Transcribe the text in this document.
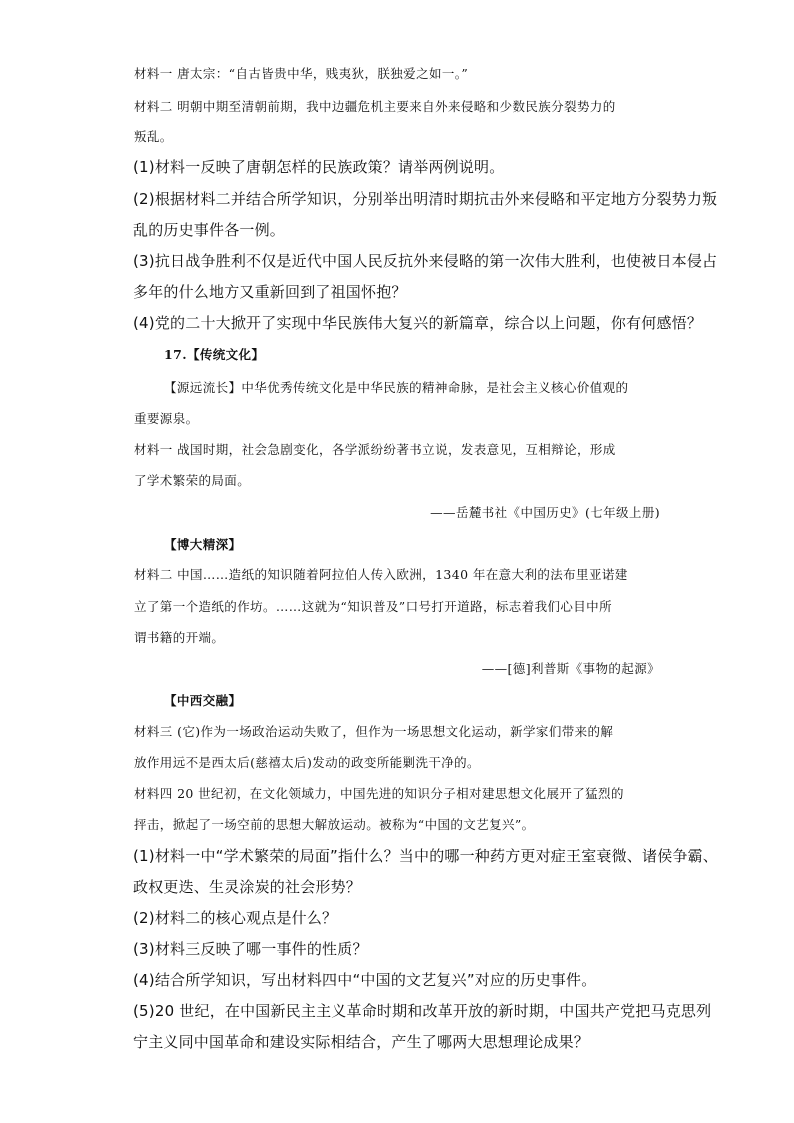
材料一 唐太宗：“自古皆贵中华，贱夷狄，朕独爱之如一。”
材料二 明朝中期至清朝前期，我中边疆危机主要来自外来侵略和少数民族分裂势力的
叛乱。
(1)材料一反映了唐朝怎样的民族政策？请举两例说明。
(2)根据材料二并结合所学知识，分别举出明清时期抗击外来侵略和平定地方分裂势力叛
乱的历史事件各一例。
(3)抗日战争胜利不仅是近代中国人民反抗外来侵略的第一次伟大胜利，也使被日本侵占
多年的什么地方又重新回到了祖国怀抱？
(4)党的二十大掀开了实现中华民族伟大复兴的新篇章，综合以上问题，你有何感悟？
17.【传统文化】
【源远流长】中华优秀传统文化是中华民族的精神命脉，是社会主义核心价值观的
重要源泉。
材料一 战国时期，社会急剧变化，各学派纷纷著书立说，发表意见，互相辩论，形成
了学术繁荣的局面。
——岳麓书社《中国历史》(七年级上册)
【博大精深】
材料二 中国……造纸的知识随着阿拉伯人传入欧洲，1340 年在意大利的法布里亚诺建
立了第一个造纸的作坊。……这就为“知识普及”口号打开道路，标志着我们心目中所
谓书籍的开端。
——[德]利普斯《事物的起源》
【中西交融】
材料三 (它)作为一场政治运动失败了，但作为一场思想文化运动，新学家们带来的解
放作用远不是西太后(慈禧太后)发动的政变所能剿洗干净的。
材料四 20 世纪初，在文化领域力，中国先进的知识分子相对建思想文化展开了猛烈的
抨击，掀起了一场空前的思想大解放运动。被称为“中国的文艺复兴”。
(1)材料一中“学术繁荣的局面”指什么？当中的哪一种药方更对症王室衰微、诸侯争霸、
政权更迭、生灵涂炭的社会形势？
(2)材料二的核心观点是什么？
(3)材料三反映了哪一事件的性质？
(4)结合所学知识，写出材料四中“中国的文艺复兴”对应的历史事件。
(5)20 世纪，在中国新民主主义革命时期和改革开放的新时期，中国共产党把马克思列
宁主义同中国革命和建设实际相结合，产生了哪两大思想理论成果？
